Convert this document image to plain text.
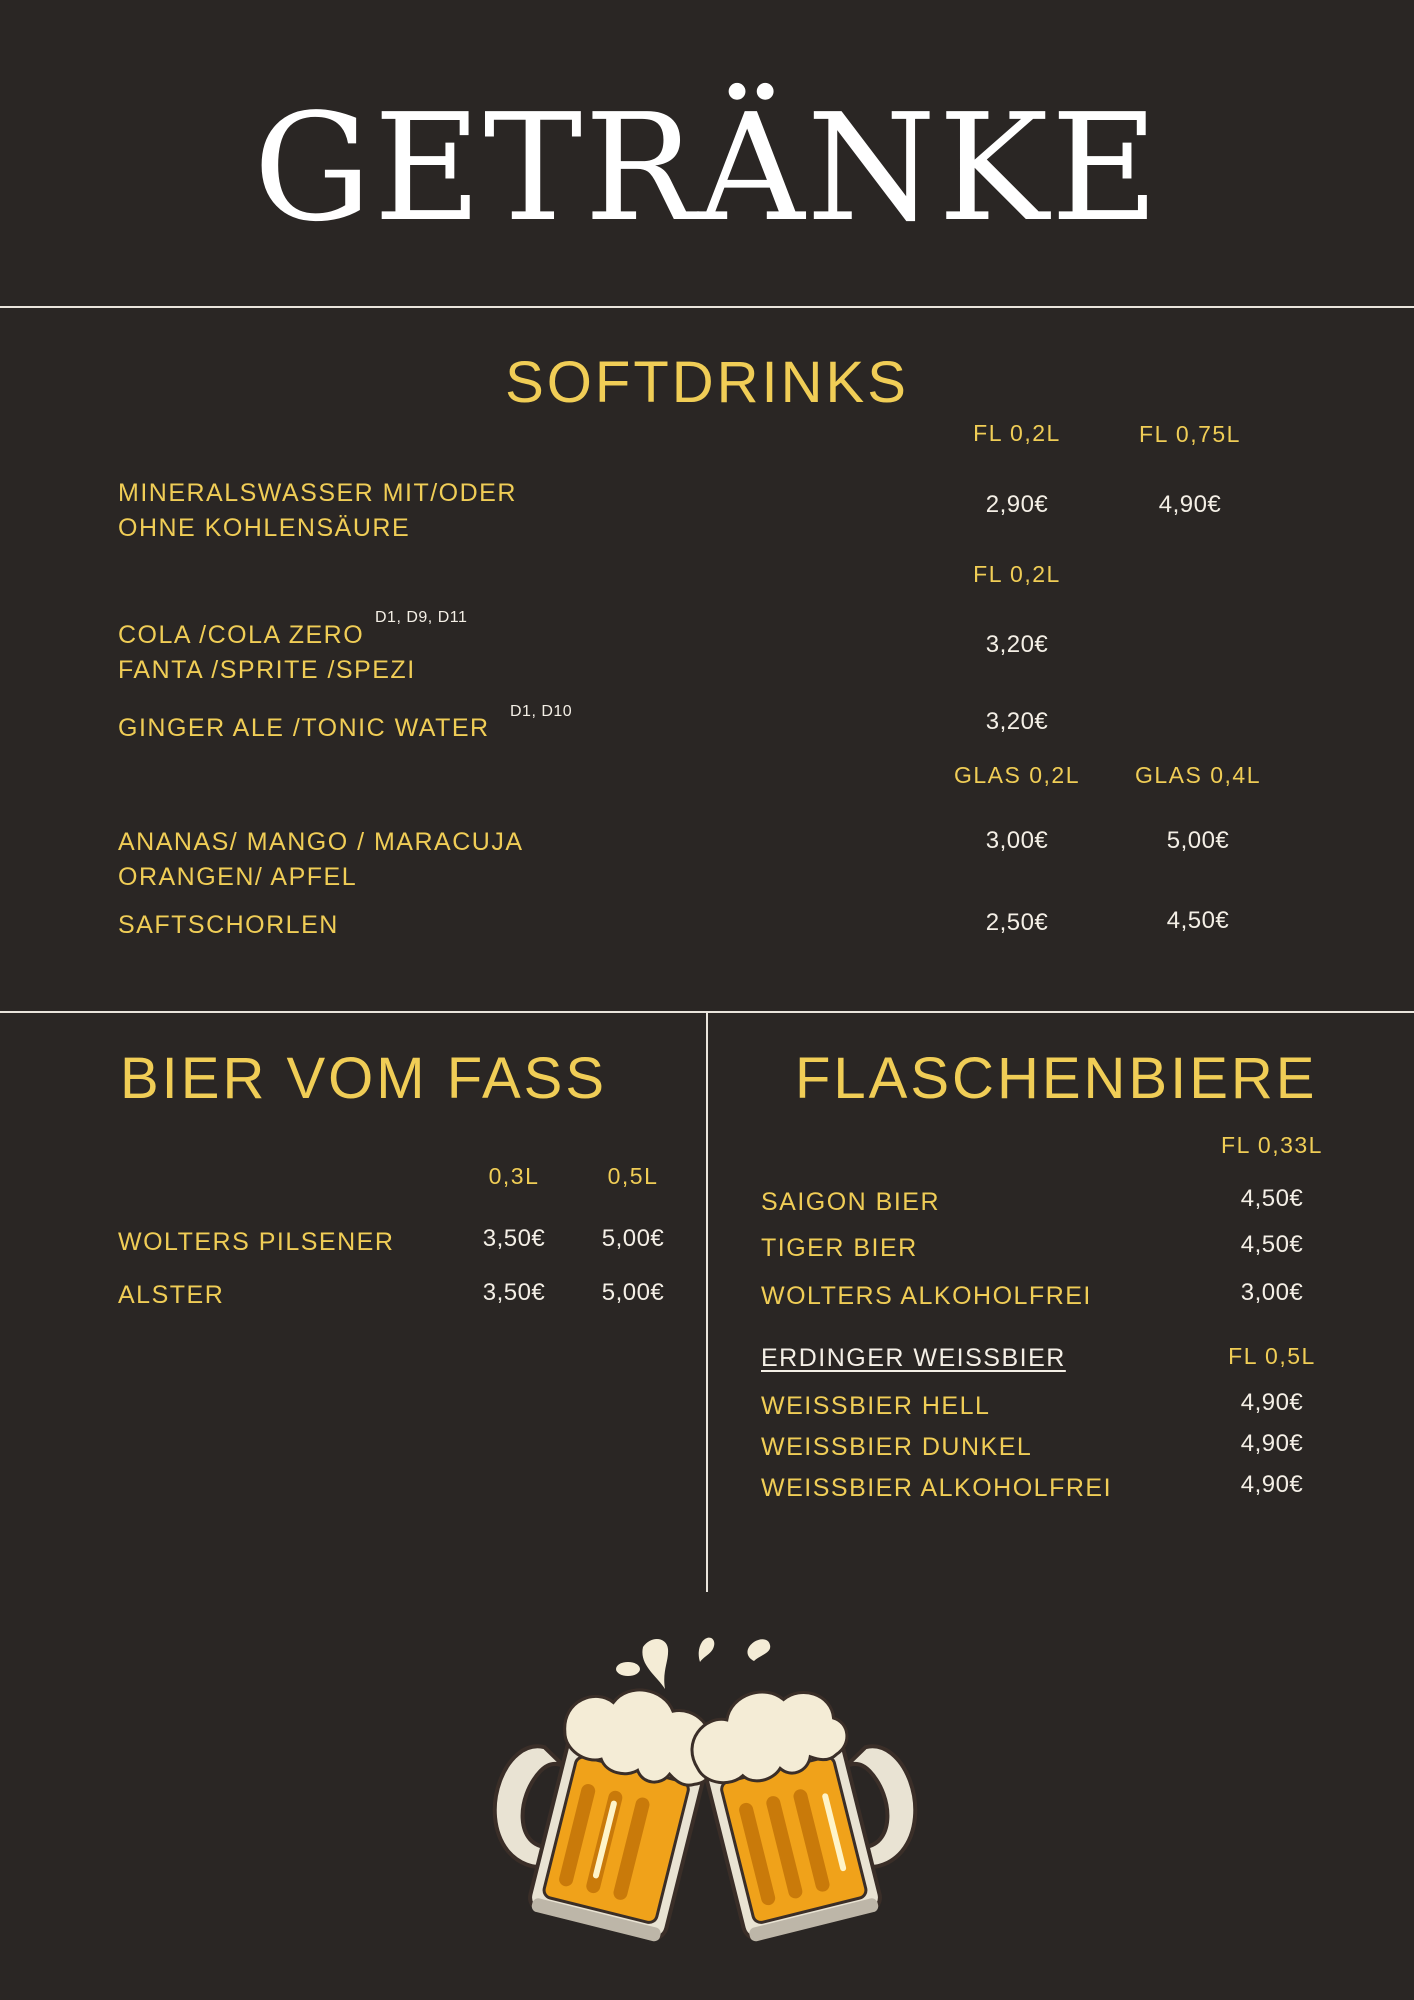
GETRÄNKE
SOFTDRINKS
FL 0,2L	FL 0,75L
MINERALSWASSER MIT/ODER
OHNE KOHLENSÄURE
2,90€	4,90€
FL 0,2L
COLA /COLA ZERO
D1, D9, D11
FANTA /SPRITE /SPEZI
3,20€
GINGER ALE /TONIC WATER
D1, D10	3,20€
GLAS 0,2L GLAS 0,4L
ANANAS/ MANGO / MARACUJA
ORANGEN/ APFEL
3,00€	5,00€
SAFTSCHORLEN	2,50€	4,50€
BIER VOM FASS
0,3L	0,5L
WOLTERS PILSENER	3,50€ 5,00€
ALSTER	3,50€ 5,00€
FLASCHENBIERE
FL 0,33L
SAIGON BIER	4,50€
TIGER BIER	4,50€
WOLTERS ALKOHOLFREI	3,00€
ERDINGER WEISSBIER	FL 0,5L
WEISSBIER HELL	4,90€
WEISSBIER DUNKEL	4,90€
WEISSBIER ALKOHOLFREI	4,90€
